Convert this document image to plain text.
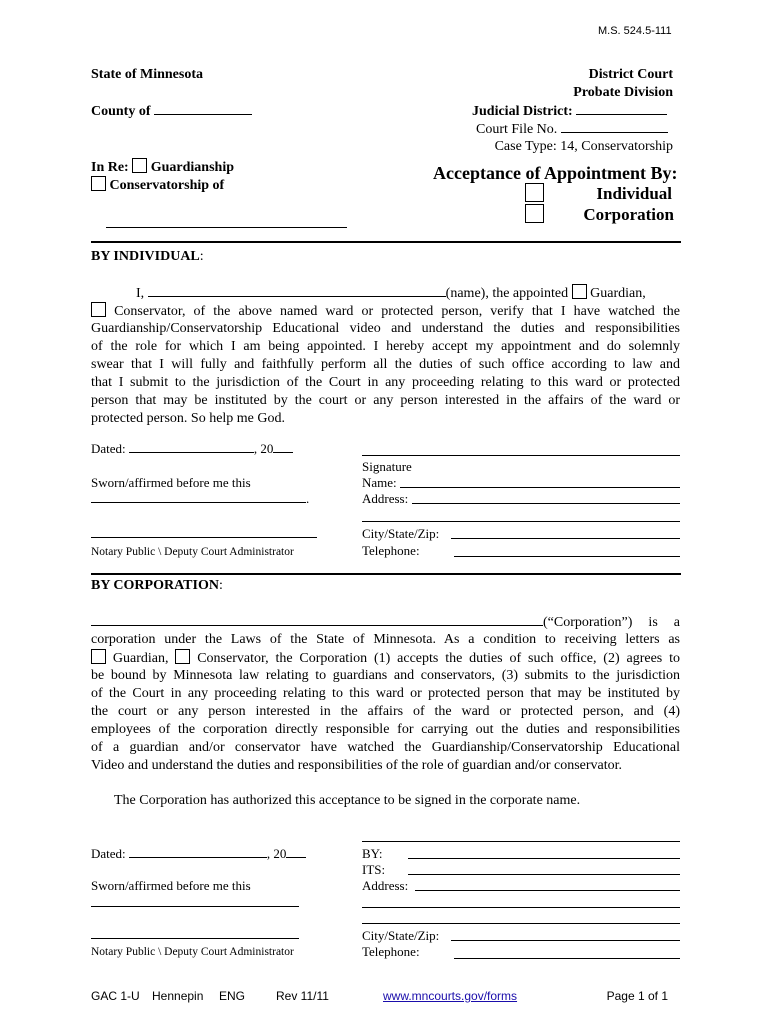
M.S. 524.5-111
State of Minnesota
County of
In Re: Guardianship
Conservatorship of
District Court
Probate Division
Judicial District:
Court File No.
Case Type: 14, Conservatorship
Acceptance of Appointment By:
Individual
Corporation
BY INDIVIDUAL:
I,	(name), the appointed Guardian,
Conservator, of the above named ward or protected person, verify that I have watched the
Guardianship/Conservatorship Educational video and understand the duties and responsibilities
of the role for which I am being appointed. I hereby accept my appointment and do solemnly
swear that I will fully and faithfully perform all the duties of such office according to law and
that I submit to the jurisdiction of the Court in any proceeding relating to this ward or protected
person that may be instituted by the court or any person interested in the affairs of the ward or
protected person. So help me God.
Dated:	, 20
Sworn/affirmed before me this
.
Notary Public \ Deputy Court Administrator
Signature
Name:
Address:
City/State/Zip:
Telephone:
BY CORPORATION:
(“Corporation”) is a
corporation under the Laws of the State of Minnesota. As a condition to receiving letters as
Guardian, Conservator, the Corporation (1) accepts the duties of such office, (2) agrees to
be bound by Minnesota law relating to guardians and conservators, (3) submits to the jurisdiction
of the Court in any proceeding relating to this ward or protected person that may be instituted by
the court or any person interested in the affairs of the ward or protected person, and (4)
employees of the corporation directly responsible for carrying out the duties and responsibilities
of a guardian and/or conservator have watched the Guardianship/Conservatorship Educational
Video and understand the duties and responsibilities of the role of guardian and/or conservator.
The Corporation has authorized this acceptance to be signed in the corporate name.
Dated:	, 20
Sworn/affirmed before me this
Notary Public \ Deputy Court Administrator
BY:
ITS:
Address:
City/State/Zip:
Telephone:
GAC 1-U Hennepin ENG	Rev 11/11	www.mncourts.gov/forms	Page 1 of 1
